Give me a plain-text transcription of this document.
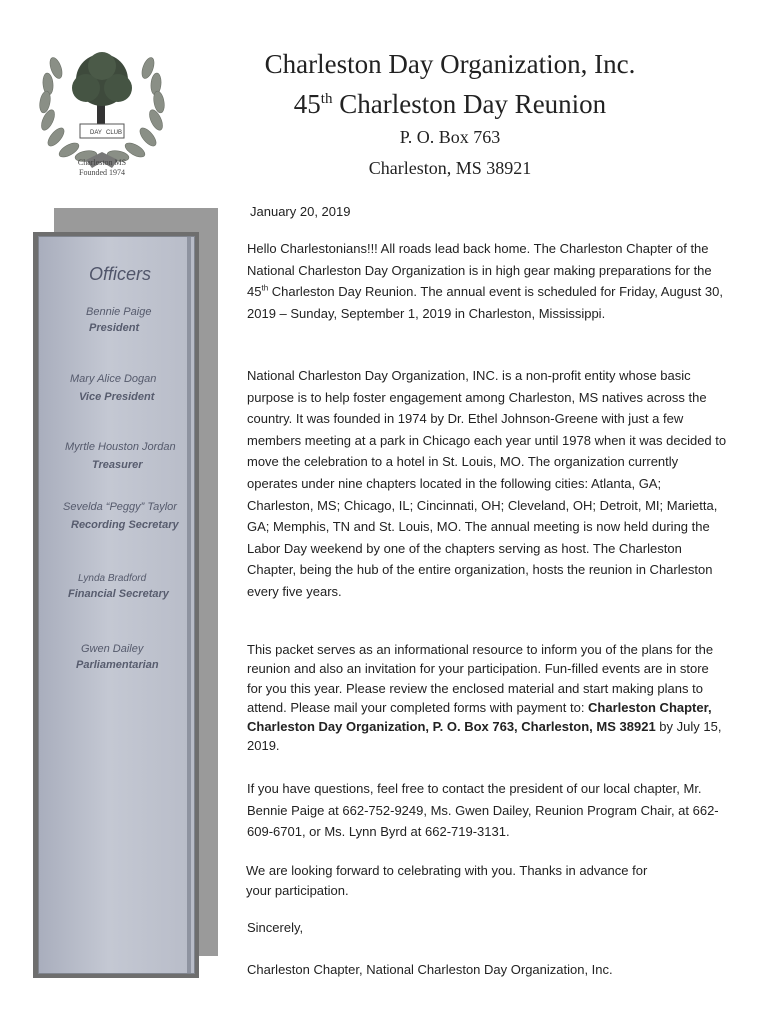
DAY CLUB
Charleston MS
Founded 1974
Charleston Day Organization, Inc.
45th Charleston Day Reunion
P. O. Box 763
Charleston, MS 38921
Officers
Bennie Paige
President
Mary Alice Dogan
Vice President
Myrtle Houston Jordan
Treasurer
Sevelda “Peggy” Taylor
Recording Secretary
Lynda Bradford
Financial Secretary
Gwen Dailey
Parliamentarian
January 20, 2019

Hello Charlestonians!!! All roads lead back home. The Charleston Chapter of the National Charleston Day Organization is in high gear making preparations for the 45th Charleston Day Reunion. The annual event is scheduled for Friday, August 30, 2019 – Sunday, September 1, 2019 in Charleston, Mississippi.

National Charleston Day Organization, INC. is a non-profit entity whose basic purpose is to help foster engagement among Charleston, MS natives across the country. It was founded in 1974 by Dr. Ethel Johnson-Greene with just a few members meeting at a park in Chicago each year until 1978 when it was decided to move the celebration to a hotel in St. Louis, MO. The organization currently operates under nine chapters located in the following cities: Atlanta, GA; Charleston, MS; Chicago, IL; Cincinnati, OH; Cleveland, OH; Detroit, MI; Marietta, GA; Memphis, TN and St. Louis, MO. The annual meeting is now held during the Labor Day weekend by one of the chapters serving as host. The Charleston Chapter, being the hub of the entire organization, hosts the reunion in Charleston every five years.

This packet serves as an informational resource to inform you of the plans for the reunion and also an invitation for your participation. Fun-filled events are in store for you this year. Please review the enclosed material and start making plans to attend. Please mail your completed forms with payment to: Charleston Chapter, Charleston Day Organization, P. O. Box 763, Charleston, MS 38921 by July 15, 2019.

If you have questions, feel free to contact the president of our local chapter, Mr. Bennie Paige at 662-752-9249, Ms. Gwen Dailey, Reunion Program Chair, at 662-609-6701, or Ms. Lynn Byrd at 662-719-3131.

We are looking forward to celebrating with you. Thanks in advance for your participation.

Sincerely,
Charleston Chapter, National Charleston Day Organization, Inc.
